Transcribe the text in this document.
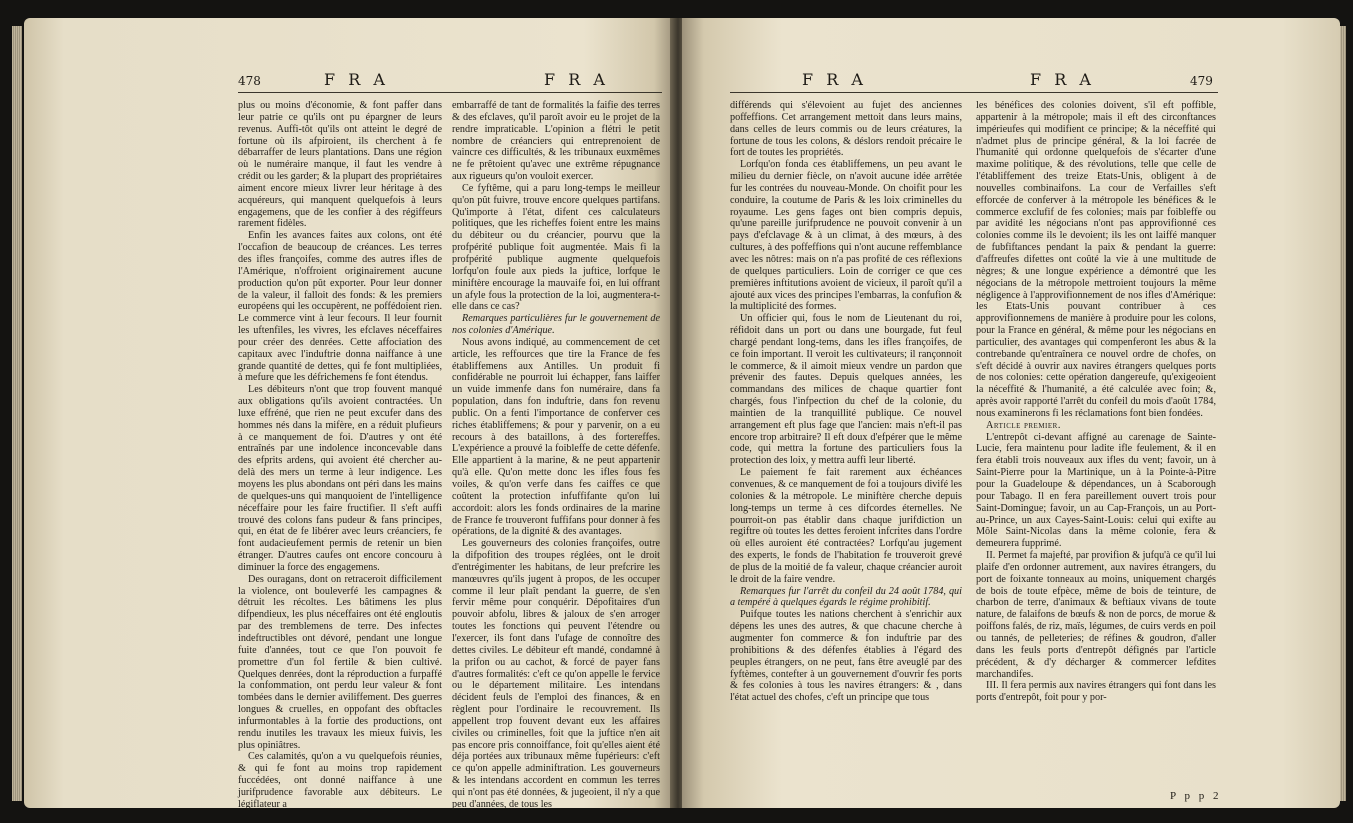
478	F R A	F R A

plus ou moins d'économie, & font paffer dans leur patrie ce qu'ils ont pu épargner de leurs revenus. Auffi-tôt qu'ils ont atteint le degré de fortune où ils afpiroient, ils cherchent à fe débarraffer de leurs plantations. Dans une région où le numéraire manque, il faut les vendre à crédit ou les garder; & la plupart des propriétaires aiment encore mieux livrer leur héritage à des acquéreurs, qui manquent quelquefois à leurs engagemens, que de les confier à des régiffeurs rarement fidèles.

Enfin les avances faites aux colons, ont été l'occafion de beaucoup de créances. Les terres des ifles françoifes, comme des autres ifles de l'Amérique, n'offroient originairement aucune production qu'on pût exporter. Pour leur donner de la valeur, il falloit des fonds: & les premiers européens qui les occupèrent, ne poffédoient rien. Le commerce vint à leur fecours. Il leur fournit les uftenfiles, les vivres, les efclaves néceffaires pour créer des denrées. Cette affociation des capitaux avec l'induftrie donna naiffance à une grande quantité de dettes, qui fe font multipliées, à mefure que les défrichemens fe font étendus.

Les débiteurs n'ont que trop fouvent manqué aux obligations qu'ils avoient contractées. Un luxe effréné, que rien ne peut excufer dans des hommes nés dans la mifère, en a réduit plufieurs à ce manquement de foi. D'autres y ont été entraînés par une indolence inconcevable dans des efprits ardens, qui avoient été chercher au-delà des mers un terme à leur indigence. Les moyens les plus abondans ont péri dans les mains de quelques-uns qui manquoient de l'intelligence néceffaire pour les faire fructifier. Il s'eft auffi trouvé des colons fans pudeur & fans principes, qui, en état de fe libérer avec leurs créanciers, fe font audacieufement permis de retenir un bien étranger. D'autres caufes ont encore concouru à diminuer la force des engagemens.

Des ouragans, dont on retraceroit difficilement la violence, ont bouleverfé les campagnes & détruit les récoltes. Les bâtimens les plus difpendieux, les plus néceffaires ont été engloutis par des tremblemens de terre. Des infectes indeftructibles ont dévoré, pendant une longue fuite d'années, tout ce que l'on pouvoit fe promettre d'un fol fertile & bien cultivé. Quelques denrées, dont la réproduction a furpaffé la confommation, ont perdu leur valeur & font tombées dans le dernier aviliffement. Des guerres longues & cruelles, en oppofant des obftacles infurmontables à la fortie des productions, ont rendu inutiles les travaux les mieux fuivis, les plus opiniâtres.

Ces calamités, qu'on a vu quelquefois réunies, & qui fe font au moins trop rapidement fuccédées, ont donné naiffance à une jurifprudence favorable aux débiteurs. Le légiflateur a

embarraffé de tant de formalités la faifie des terres & des efclaves, qu'il paroît avoir eu le projet de la rendre impraticable. L'opinion a flétri le petit nombre de créanciers qui entreprenoient de vaincre ces difficultés, & les tribunaux euxmêmes ne fe prêtoient qu'avec une extrême répugnance aux rigueurs qu'on vouloit exercer.

Ce fyftême, qui a paru long-temps le meilleur qu'on pût fuivre, trouve encore quelques partifans. Qu'importe à l'état, difent ces calculateurs politiques, que les richeffes foient entre les mains du débiteur ou du créancier, pourvu que la profpérité publique foit augmentée. Mais fi la profpérité publique augmente quelquefois lorfqu'on foule aux pieds la juftice, lorfque le miniftère encourage la mauvaife foi, en lui offrant un afyle fous la protection de la loi, augmentera-t-elle dans ce cas?

Remarques particulières fur le gouvernement de nos colonies d'Amérique.

Nous avons indiqué, au commencement de cet article, les reffources que tire la France de fes établiffemens aux Antilles. Un produit fi confidérable ne pourroit lui échapper, fans laiffer un vuide immenfe dans fon numéraire, dans fa population, dans fon induftrie, dans fon revenu public. On a fenti l'importance de conferver ces riches établiffemens; & pour y parvenir, on a eu recours à des bataillons, à des fortereffes. L'expérience a prouvé la foibleffe de cette défenfe. Elle appartient à la marine, & ne peut appartenir qu'à elle. Qu'on mette donc les ifles fous fes voiles, & qu'on verfe dans fes caiffes ce que coûtent la protection infuffifante qu'on lui accordoit: alors les fonds ordinaires de la marine de France fe trouveront fuffifans pour donner à fes opérations, de la dignité & des avantages.

Les gouverneurs des colonies françoifes, outre la difpofition des troupes réglées, ont le droit d'entrégimenter les habitans, de leur prefcrire les manœuvres qu'ils jugent à propos, de les occuper comme il leur plaît pendant la guerre, de s'en fervir même pour conquérir. Dépofitaires d'un pouvoir abfolu, libres & jaloux de s'en arroger toutes les fonctions qui peuvent l'étendre ou l'exercer, ils font dans l'ufage de connoître des dettes civiles. Le débiteur eft mandé, condamné à la prifon ou au cachot, & forcé de payer fans d'autres formalités: c'eft ce qu'on appelle le fervice ou le département militaire. Les intendans décident feuls de l'emploi des finances, & en règlent pour l'ordinaire le recouvrement. Ils appellent trop fouvent devant eux les affaires civiles ou criminelles, foit que la juftice n'en ait pas encore pris connoiffance, foit qu'elles aient été déja portées aux tribunaux même fupérieurs: c'eft ce qu'on appelle adminiftration. Les gouverneurs & les intendans accordent en commun les terres qui n'ont pas été données, & jugeoient, il n'y a que peu d'années, de tous les

F R A	F R A	479

différends qui s'élevoient au fujet des anciennes poffeffions. Cet arrangement mettoit dans leurs mains, dans celles de leurs commis ou de leurs créatures, la fortune de tous les colons, & déslors rendoit précaire le fort de toutes les propriétés.

Lorfqu'on fonda ces établiffemens, un peu avant le milieu du dernier fiècle, on n'avoit aucune idée arrêtée fur les contrées du nouveau-Monde. On choifit pour les conduire, la coutume de Paris & les loix criminelles du royaume. Les gens fages ont bien compris depuis, qu'une pareille jurifprudence ne pouvoit convenir à un pays d'efclavage & à un climat, à des mœurs, à des cultures, à des poffeffions qui n'ont aucune reffemblance avec les nôtres: mais on n'a pas profité de ces réflexions de quelques particuliers. Loin de corriger ce que ces premières inftitutions avoient de vicieux, il paroît qu'il a ajouté aux vices des principes l'embarras, la confufion & la multiplicité des formes.

Un officier qui, fous le nom de Lieutenant du roi, réfidoit dans un port ou dans une bourgade, fut feul chargé pendant long-tems, dans les ifles françoifes, de ce foin important. Il veroit les cultivateurs; il rançonnoit le commerce, & il aimoit mieux vendre un pardon que prévenir des fautes. Depuis quelques années, les commandans des milices de chaque quartier font chargés, fous l'infpection du chef de la colonie, du maintien de la tranquillité publique. Ce nouvel arrangement eft plus fage que l'ancien: mais n'eft-il pas encore trop arbitraire? Il eft doux d'efpérer que le même code, qui mettra la fortune des particuliers fous la protection des loix, y mettra auffi leur liberté.

Le paiement fe fait rarement aux échéances convenues, & ce manquement de foi a toujours divifé les colonies & la métropole. Le miniftère cherche depuis long-temps un terme à ces difcordes éternelles. Ne pourroit-on pas établir dans chaque jurifdiction un regiftre où toutes les dettes feroient infcrites dans l'ordre où elles auroient été contractées? Lorfqu'au jugement des experts, le fonds de l'habitation fe trouveroit grevé de plus de la moitié de fa valeur, chaque créancier auroit le droit de la faire vendre.

Remarques fur l'arrêt du confeil du 24 août 1784, qui a tempéré à quelques égards le régime prohibitif.

Puifque toutes les nations cherchent à s'enrichir aux dépens les unes des autres, & que chacune cherche à augmenter fon commerce & fon induftrie par des prohibitions & des défenfes établies à l'égard des peuples étrangers, on ne peut, fans être aveuglé par des fyftèmes, contefter à un gouvernement d'ouvrir fes ports & fes colonies à tous les navires étrangers: & , dans l'état actuel des chofes, c'eft un principe que tous

les bénéfices des colonies doivent, s'il eft poffible, appartenir à la métropole; mais il eft des circonftances impérieufes qui modifient ce principe; & la néceffité qui n'admet plus de principe général, & la loi facrée de l'humanité qui ordonne quelquefois de s'écarter d'une maxime politique, & des révolutions, telle que celle de l'établiffement des treize Etats-Unis, obligent à de nouvelles combinaifons. La cour de Verfailles s'eft efforcée de conferver à la métropole les bénéfices & le commerce exclufif de fes colonies; mais par foibleffe ou par avidité les négocians n'ont pas approvifionné ces colonies comme ils le devoient; ils les ont laiffé manquer de fubfiftances pendant la paix & pendant la guerre: d'affreufes difettes ont coûté la vie à une multitude de nègres; & une longue expérience a démontré que les négocians de la métropole mettroient toujours la même négligence à l'approvifionnement de nos ifles d'Amérique: les Etats-Unis pouvant contribuer à ces approvifionnemens de manière à produire pour les colons, pour la France en général, & même pour les négocians en particulier, des avantages qui compenferont les abus & la contrebande qu'entraînera ce nouvel ordre de chofes, on s'eft décidé à ouvrir aux navires étrangers quelques ports de nos colonies: cette opération dangereufe, qu'exigeoient la néceffité & l'humanité, a été calculée avec foin; &, après avoir rapporté l'arrêt du confeil du mois d'août 1784, nous examinerons fi les réclamations font bien fondées.

Article premier.

L'entrepôt ci-devant affigné au carenage de Sainte-Lucie, fera maintenu pour ladite ifle feulement, & il en fera établi trois nouveaux aux ifles du vent; favoir, un à Saint-Pierre pour la Martinique, un à la Pointe-à-Pitre pour la Guadeloupe & dépendances, un à Scaborough pour Tabago. Il en fera pareillement ouvert trois pour Saint-Domingue; favoir, un au Cap-François, un au Port-au-Prince, un aux Cayes-Saint-Louis: celui qui exifte au Môle Saint-Nicolas dans la même colonie, fera & demeurera fupprimé.

II. Permet fa majefté, par provifion & jufqu'à ce qu'il lui plaife d'en ordonner autrement, aux navires étrangers, du port de foixante tonneaux au moins, uniquement chargés de bois de toute efpèce, même de bois de teinture, de charbon de terre, d'animaux & beftiaux vivans de toute nature, de falaifons de bœufs & non de porcs, de morue & poiffons falés, de riz, maïs, légumes, de cuirs verds en poil ou tannés, de pelleteries; de réfines & goudron, d'aller dans les feuls ports d'entrepôt défignés par l'article précédent, & d'y décharger & commercer lefdites marchandifes.

III. Il fera permis aux navires étrangers qui font dans les ports d'entrepôt, foit pour y por-

P p p 2
